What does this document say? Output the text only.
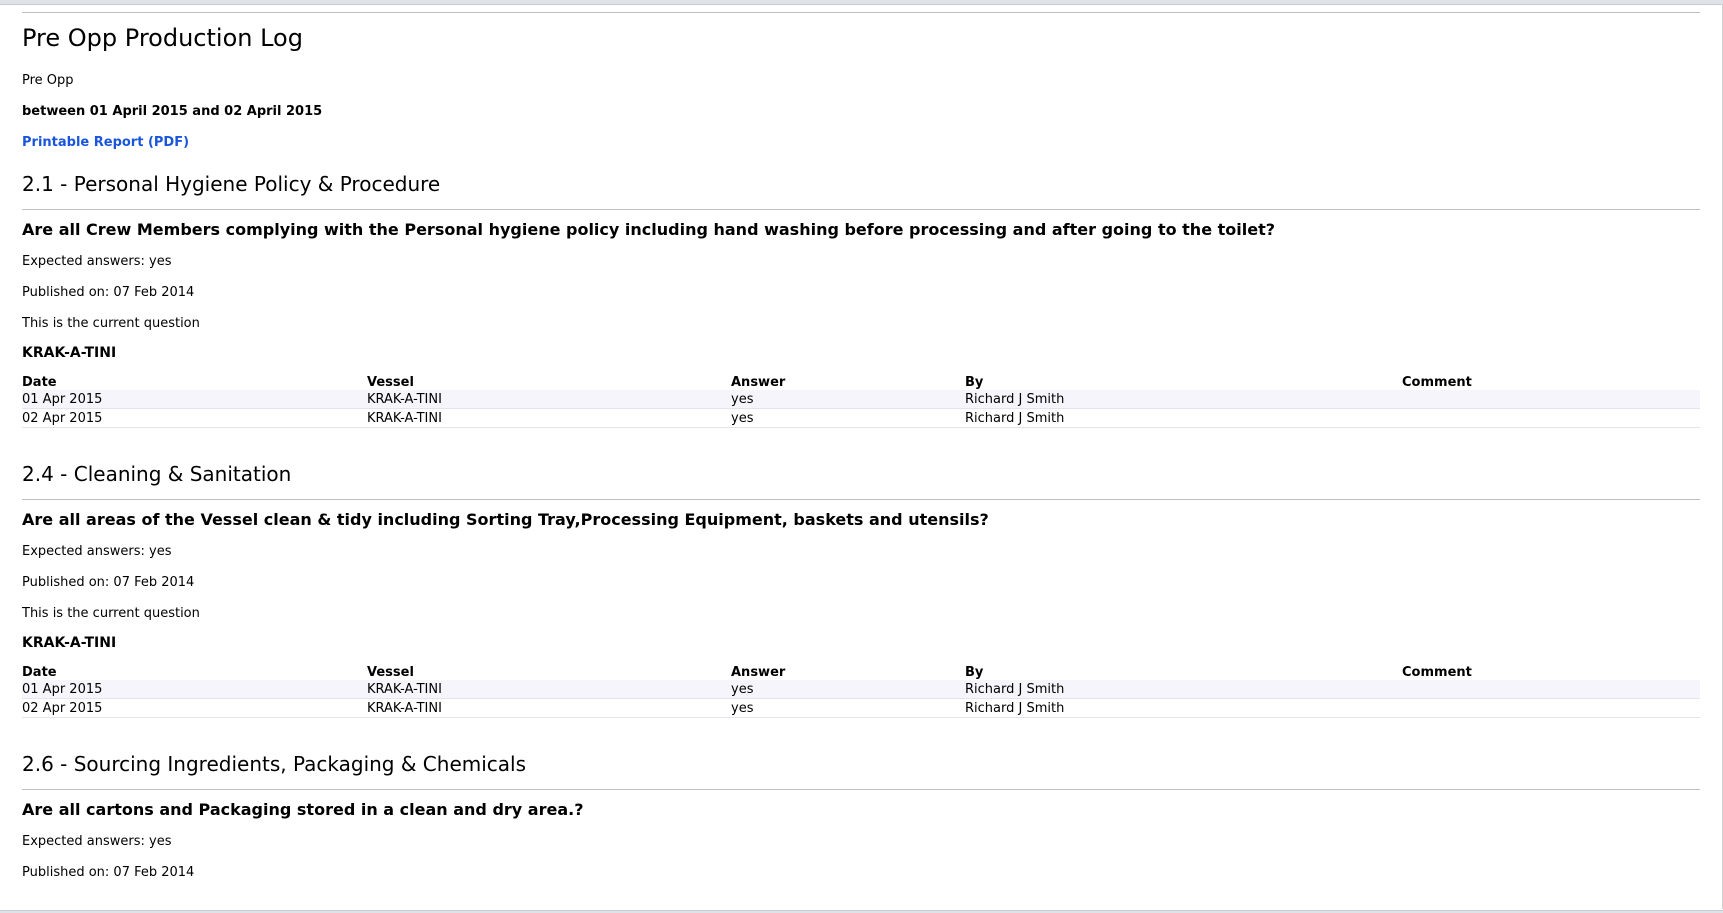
Pre Opp Production Log

Pre Opp

between 01 April 2015 and 02 April 2015

Printable Report (PDF)
2.1 - Personal Hygiene Policy & Procedure

Are all Crew Members complying with the Personal hygiene policy including hand washing before processing and after going to the toilet?

Expected answers: yes

Published on: 07 Feb 2014

This is the current question

KRAK-A-TINI

Date	Vessel	Answer	By	Comment
01 Apr 2015	KRAK-A-TINI	yes	Richard J Smith	
02 Apr 2015	KRAK-A-TINI	yes	Richard J Smith	
2.4 - Cleaning & Sanitation

Are all areas of the Vessel clean & tidy including Sorting Tray,Processing Equipment, baskets and utensils?

Expected answers: yes

Published on: 07 Feb 2014

This is the current question

KRAK-A-TINI

Date	Vessel	Answer	By	Comment
01 Apr 2015	KRAK-A-TINI	yes	Richard J Smith	
02 Apr 2015	KRAK-A-TINI	yes	Richard J Smith	
2.6 - Sourcing Ingredients, Packaging & Chemicals

Are all cartons and Packaging stored in a clean and dry area.?

Expected answers: yes

Published on: 07 Feb 2014
